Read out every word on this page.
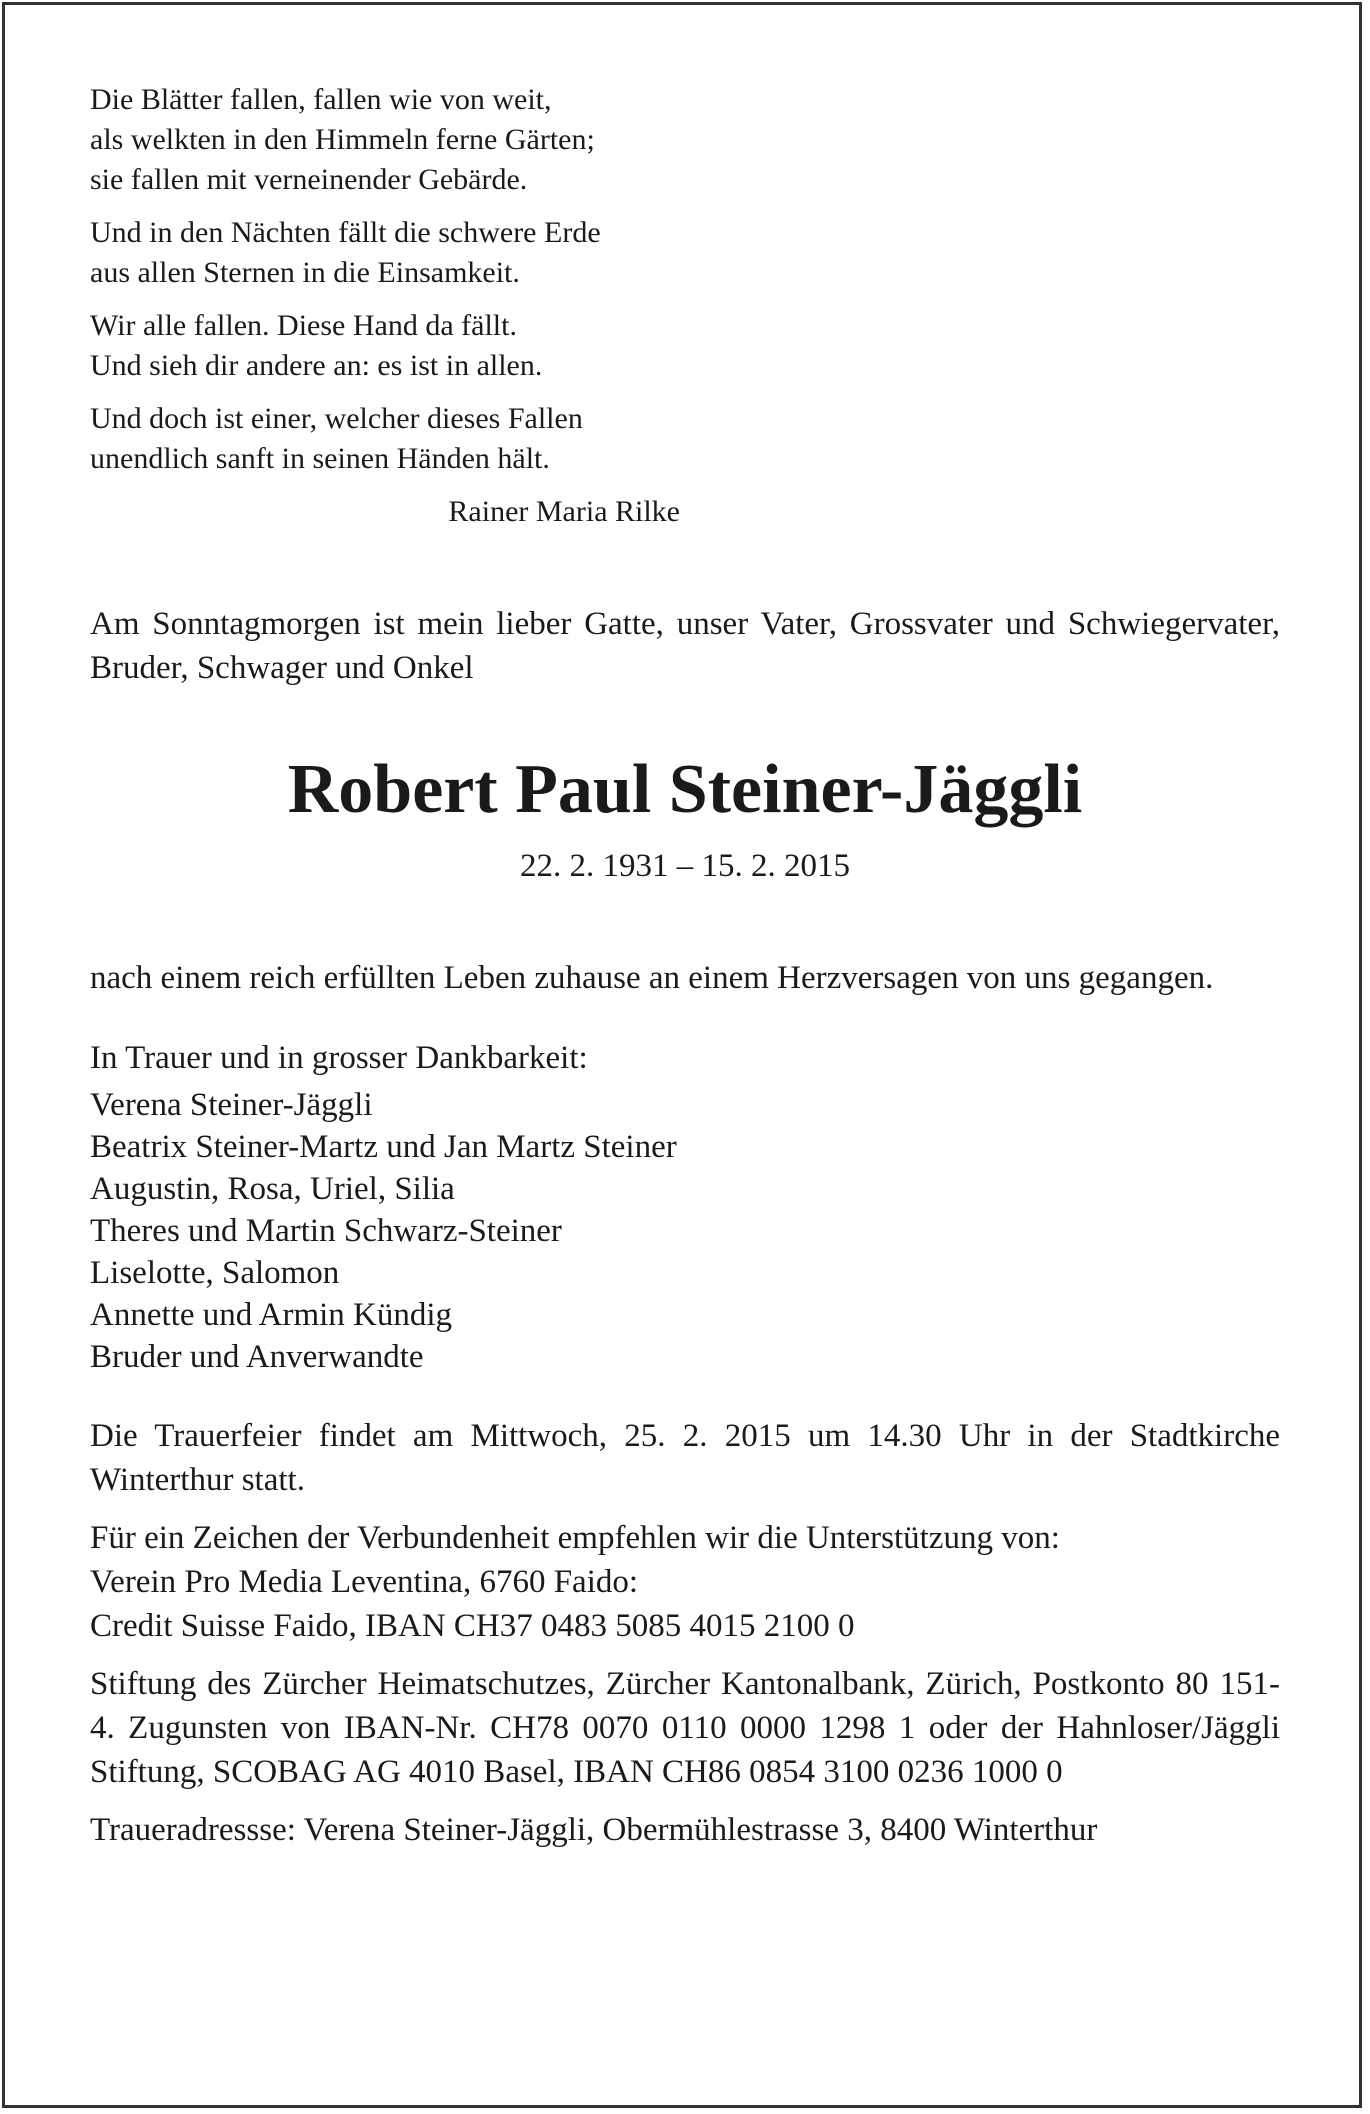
Die Blätter fallen, fallen wie von weit,
als welkten in den Himmeln ferne Gärten;
sie fallen mit verneinender Gebärde.
Und in den Nächten fällt die schwere Erde
aus allen Sternen in die Einsamkeit.
Wir alle fallen. Diese Hand da fällt.
Und sieh dir andere an: es ist in allen.
Und doch ist einer, welcher dieses Fallen
unendlich sanft in seinen Händen hält.
Rainer Maria Rilke
Am Sonntagmorgen ist mein lieber Gatte, unser Vater, Grossvater und Schwiegervater, Bruder, Schwager und Onkel
Robert Paul Steiner-Jäggli
22. 2. 1931 – 15. 2. 2015
nach einem reich erfüllten Leben zuhause an einem Herzversagen von uns gegangen.
In Trauer und in grosser Dankbarkeit:
Verena Steiner-Jäggli
Beatrix Steiner-Martz und Jan Martz Steiner
Augustin, Rosa, Uriel, Silia
Theres und Martin Schwarz-Steiner
Liselotte, Salomon
Annette und Armin Kündig
Bruder und Anverwandte
Die Trauerfeier findet am Mittwoch, 25. 2. 2015 um 14.30 Uhr in der Stadtkirche Winterthur statt.
Für ein Zeichen der Verbundenheit empfehlen wir die Unterstützung von:
Verein Pro Media Leventina, 6760 Faido:
Credit Suisse Faido, IBAN CH37 0483 5085 4015 2100 0
Stiftung des Zürcher Heimatschutzes, Zürcher Kantonalbank, Zürich, Postkonto 80 151-4. Zugunsten von IBAN-Nr. CH78 0070 0110 0000 1298 1 oder der Hahnloser/Jäggli Stiftung, SCOBAG AG 4010 Basel, IBAN CH86 0854 3100 0236 1000 0
Traueradressse: Verena Steiner-Jäggli, Obermühlestrasse 3, 8400 Winterthur
